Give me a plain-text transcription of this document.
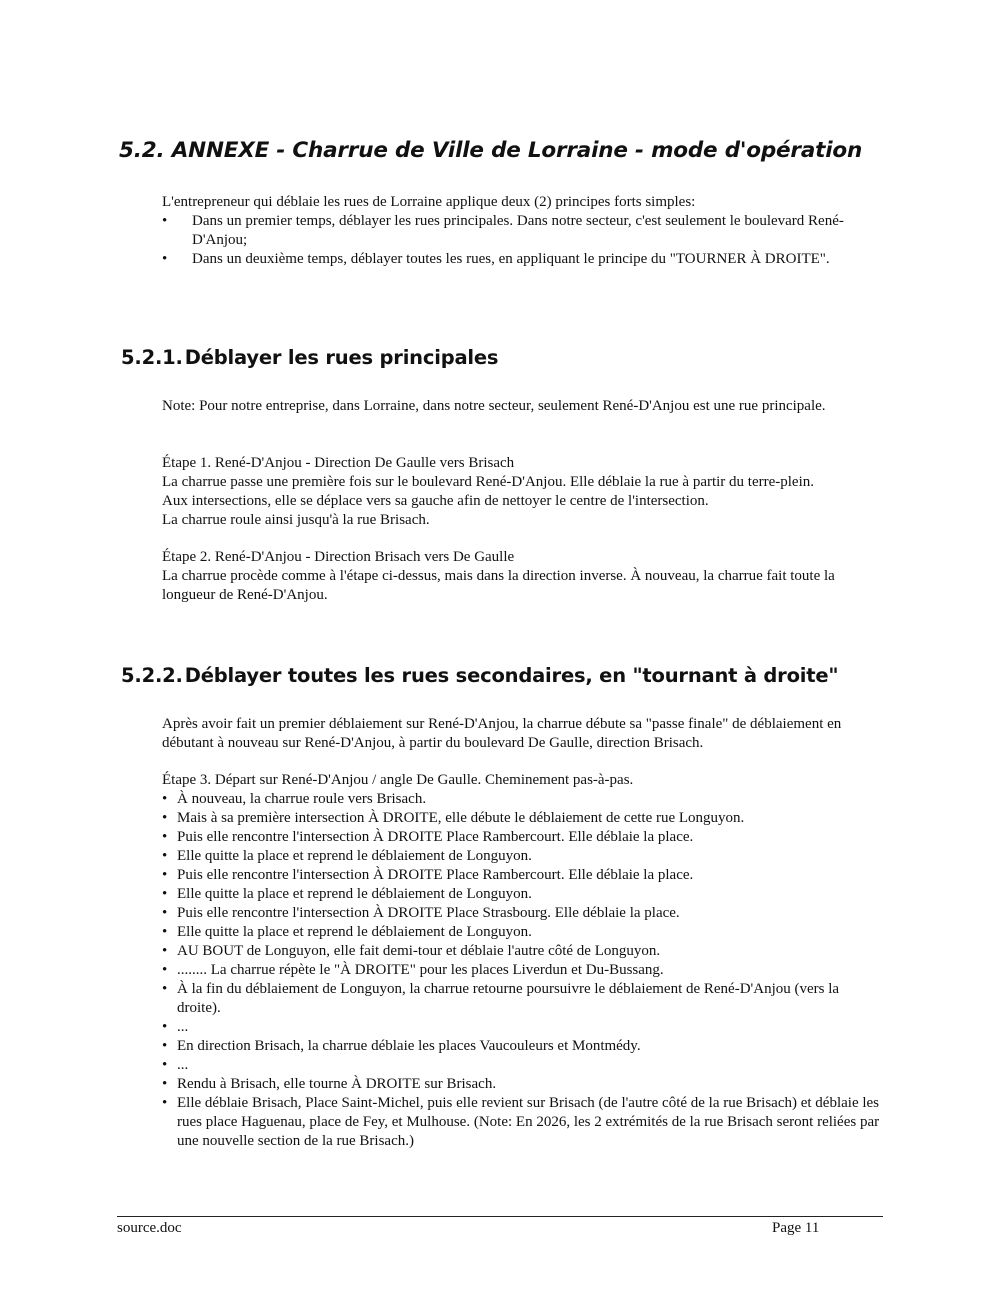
5.2. ANNEXE - Charrue de Ville de Lorraine - mode d'opération

L'entrepreneur qui déblaie les rues de Lorraine applique deux (2) principes forts simples:

• Dans un premier temps, déblayer les rues principales. Dans notre secteur, c'est seulement le boulevard René-D'Anjou;
• Dans un deuxième temps, déblayer toutes les rues, en appliquant le principe du "TOURNER À DROITE".
5.2.1. Déblayer les rues principales

Note: Pour notre entreprise, dans Lorraine, dans notre secteur, seulement René-D'Anjou est une rue principale.

Étape 1. René-D'Anjou - Direction De Gaulle vers Brisach

La charrue passe une première fois sur le boulevard René-D'Anjou. Elle déblaie la rue à partir du terre-plein.

Aux intersections, elle se déplace vers sa gauche afin de nettoyer le centre de l'intersection.

La charrue roule ainsi jusqu'à la rue Brisach.

Étape 2. René-D'Anjou - Direction Brisach vers De Gaulle

La charrue procède comme à l'étape ci-dessus, mais dans la direction inverse. À nouveau, la charrue fait toute la longueur de René-D'Anjou.

5.2.2. Déblayer toutes les rues secondaires, en "tournant à droite"

Après avoir fait un premier déblaiement sur René-D'Anjou, la charrue débute sa "passe finale" de déblaiement en débutant à nouveau sur René-D'Anjou, à partir du boulevard De Gaulle, direction Brisach.

Étape 3. Départ sur René-D'Anjou / angle De Gaulle. Cheminement pas-à-pas.

• À nouveau, la charrue roule vers Brisach.
• Mais à sa première intersection À DROITE, elle débute le déblaiement de cette rue Longuyon.
• Puis elle rencontre l'intersection À DROITE Place Rambercourt. Elle déblaie la place.
• Elle quitte la place et reprend le déblaiement de Longuyon.
• Puis elle rencontre l'intersection À DROITE Place Rambercourt. Elle déblaie la place.
• Elle quitte la place et reprend le déblaiement de Longuyon.
• Puis elle rencontre l'intersection À DROITE Place Strasbourg. Elle déblaie la place.
• Elle quitte la place et reprend le déblaiement de Longuyon.
• AU BOUT de Longuyon, elle fait demi-tour et déblaie l'autre côté de Longuyon.
• ........ La charrue répète le "À DROITE" pour les places Liverdun et Du-Bussang.
• À la fin du déblaiement de Longuyon, la charrue retourne poursuivre le déblaiement de René-D'Anjou (vers la droite).
• ...
• En direction Brisach, la charrue déblaie les places Vaucouleurs et Montmédy.
• ...
• Rendu à Brisach, elle tourne À DROITE sur Brisach.
• Elle déblaie Brisach, Place Saint-Michel, puis elle revient sur Brisach (de l'autre côté de la rue Brisach) et déblaie les rues place Haguenau, place de Fey, et Mulhouse. (Note: En 2026, les 2 extrémités de la rue Brisach seront reliées par une nouvelle section de la rue Brisach.)
source.doc	Page 11
